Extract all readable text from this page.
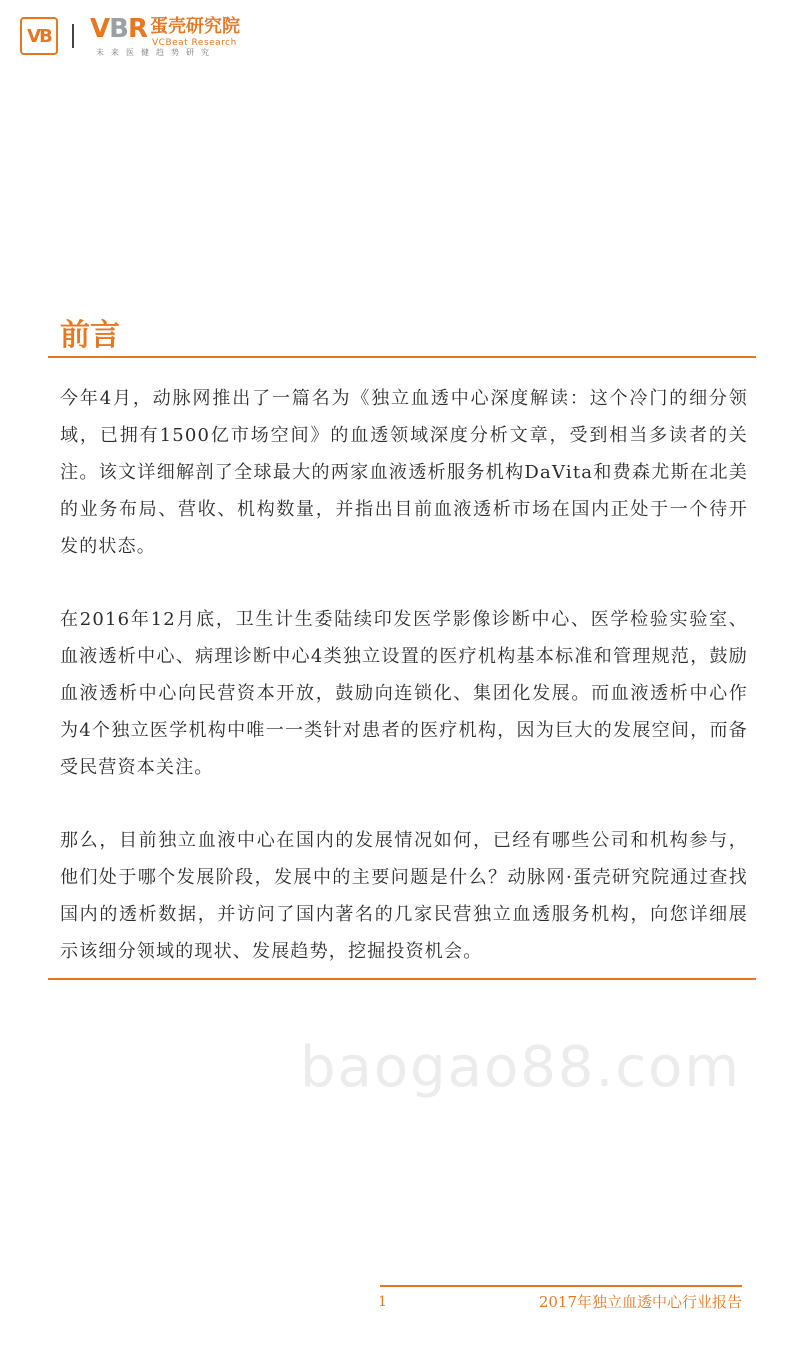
VB VBR 蛋壳研究院
VCBeat Research
未来医健趋势研究
前言

今年4月，动脉网推出了一篇名为《独立血透中心深度解读：这个冷门的细分领域，已拥有1500亿市场空间》的血透领域深度分析文章，受到相当多读者的关注。该文详细解剖了全球最大的两家血液透析服务机构DaVita和费森尤斯在北美的业务布局、营收、机构数量，并指出目前血液透析市场在国内正处于一个待开发的状态。

在2016年12月底，卫生计生委陆续印发医学影像诊断中心、医学检验实验室、血液透析中心、病理诊断中心4类独立设置的医疗机构基本标准和管理规范，鼓励血液透析中心向民营资本开放，鼓励向连锁化、集团化发展。而血液透析中心作为4个独立医学机构中唯一一类针对患者的医疗机构，因为巨大的发展空间，而备受民营资本关注。

那么，目前独立血液中心在国内的发展情况如何，已经有哪些公司和机构参与，他们处于哪个发展阶段，发展中的主要问题是什么？动脉网·蛋壳研究院通过查找国内的透析数据，并访问了国内著名的几家民营独立血透服务机构，向您详细展示该细分领域的现状、发展趋势，挖掘投资机会。

baogao88.com
1	2017年独立血透中心行业报告
